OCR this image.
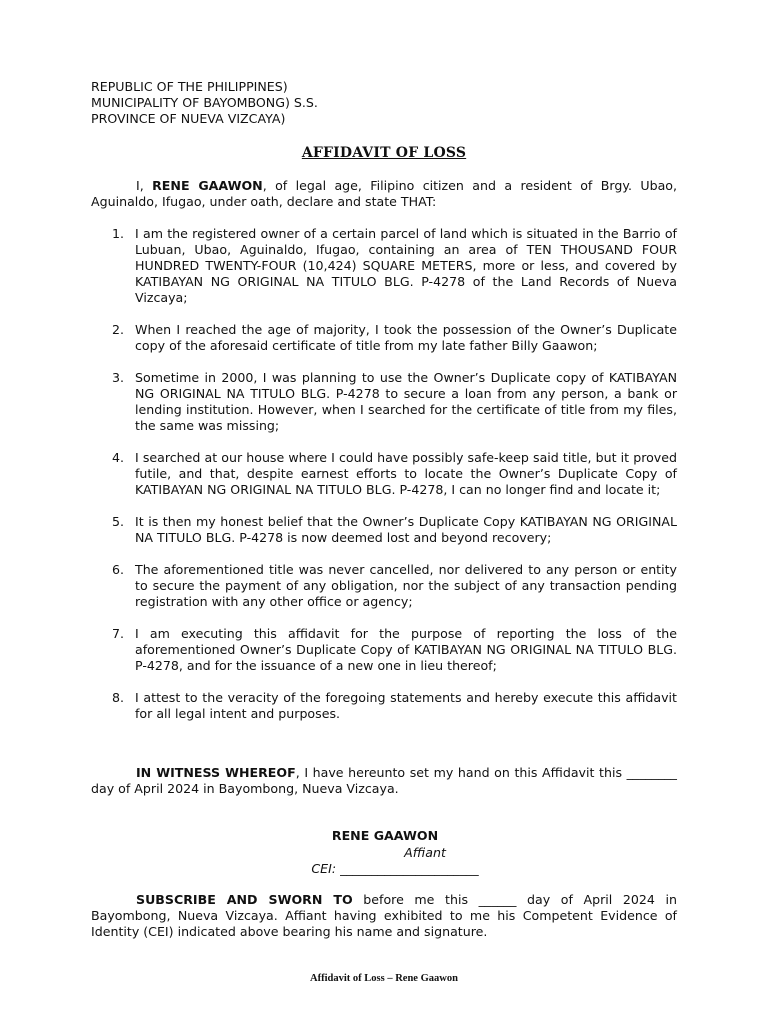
REPUBLIC OF THE PHILIPPINES)
MUNICIPALITY OF BAYOMBONG) S.S.
PROVINCE OF NUEVA VIZCAYA)
AFFIDAVIT OF LOSS

I, RENE GAAWON, of legal age, Filipino citizen and a resident of Brgy. Ubao, Aguinaldo, Ifugao, under oath, declare and state THAT:

1. I am the registered owner of a certain parcel of land which is situated in the Barrio of Lubuan, Ubao, Aguinaldo, Ifugao, containing an area of TEN THOUSAND FOUR HUNDRED TWENTY-FOUR (10,424) SQUARE METERS, more or less, and covered by KATIBAYAN NG ORIGINAL NA TITULO BLG. P-4278 of the Land Records of Nueva Vizcaya;
2. When I reached the age of majority, I took the possession of the Owner’s Duplicate copy of the aforesaid certificate of title from my late father Billy Gaawon;
3. Sometime in 2000, I was planning to use the Owner’s Duplicate copy of KATIBAYAN NG ORIGINAL NA TITULO BLG. P-4278 to secure a loan from any person, a bank or lending institution. However, when I searched for the certificate of title from my files, the same was missing;
4. I searched at our house where I could have possibly safe-keep said title, but it proved futile, and that, despite earnest efforts to locate the Owner’s Duplicate Copy of KATIBAYAN NG ORIGINAL NA TITULO BLG. P-4278, I can no longer find and locate it;
5. It is then my honest belief that the Owner’s Duplicate Copy KATIBAYAN NG ORIGINAL NA TITULO BLG. P-4278 is now deemed lost and beyond recovery;
6. The aforementioned title was never cancelled, nor delivered to any person or entity to secure the payment of any obligation, nor the subject of any transaction pending registration with any other office or agency;
7. I am executing this affidavit for the purpose of reporting the loss of the aforementioned Owner’s Duplicate Copy of KATIBAYAN NG ORIGINAL NA TITULO BLG. P-4278, and for the issuance of a new one in lieu thereof;
8. I attest to the veracity of the foregoing statements and hereby execute this affidavit for all legal intent and purposes.

IN WITNESS WHEREOF, I have hereunto set my hand on this Affidavit this ________ day of April 2024 in Bayombong, Nueva Vizcaya.

RENE GAAWON
Affiant
CEI: ______________________

SUBSCRIBE AND SWORN TO before me this ______ day of April 2024 in Bayombong, Nueva Vizcaya. Affiant having exhibited to me his Competent Evidence of Identity (CEI) indicated above bearing his name and signature.

Affidavit of Loss – Rene Gaawon
